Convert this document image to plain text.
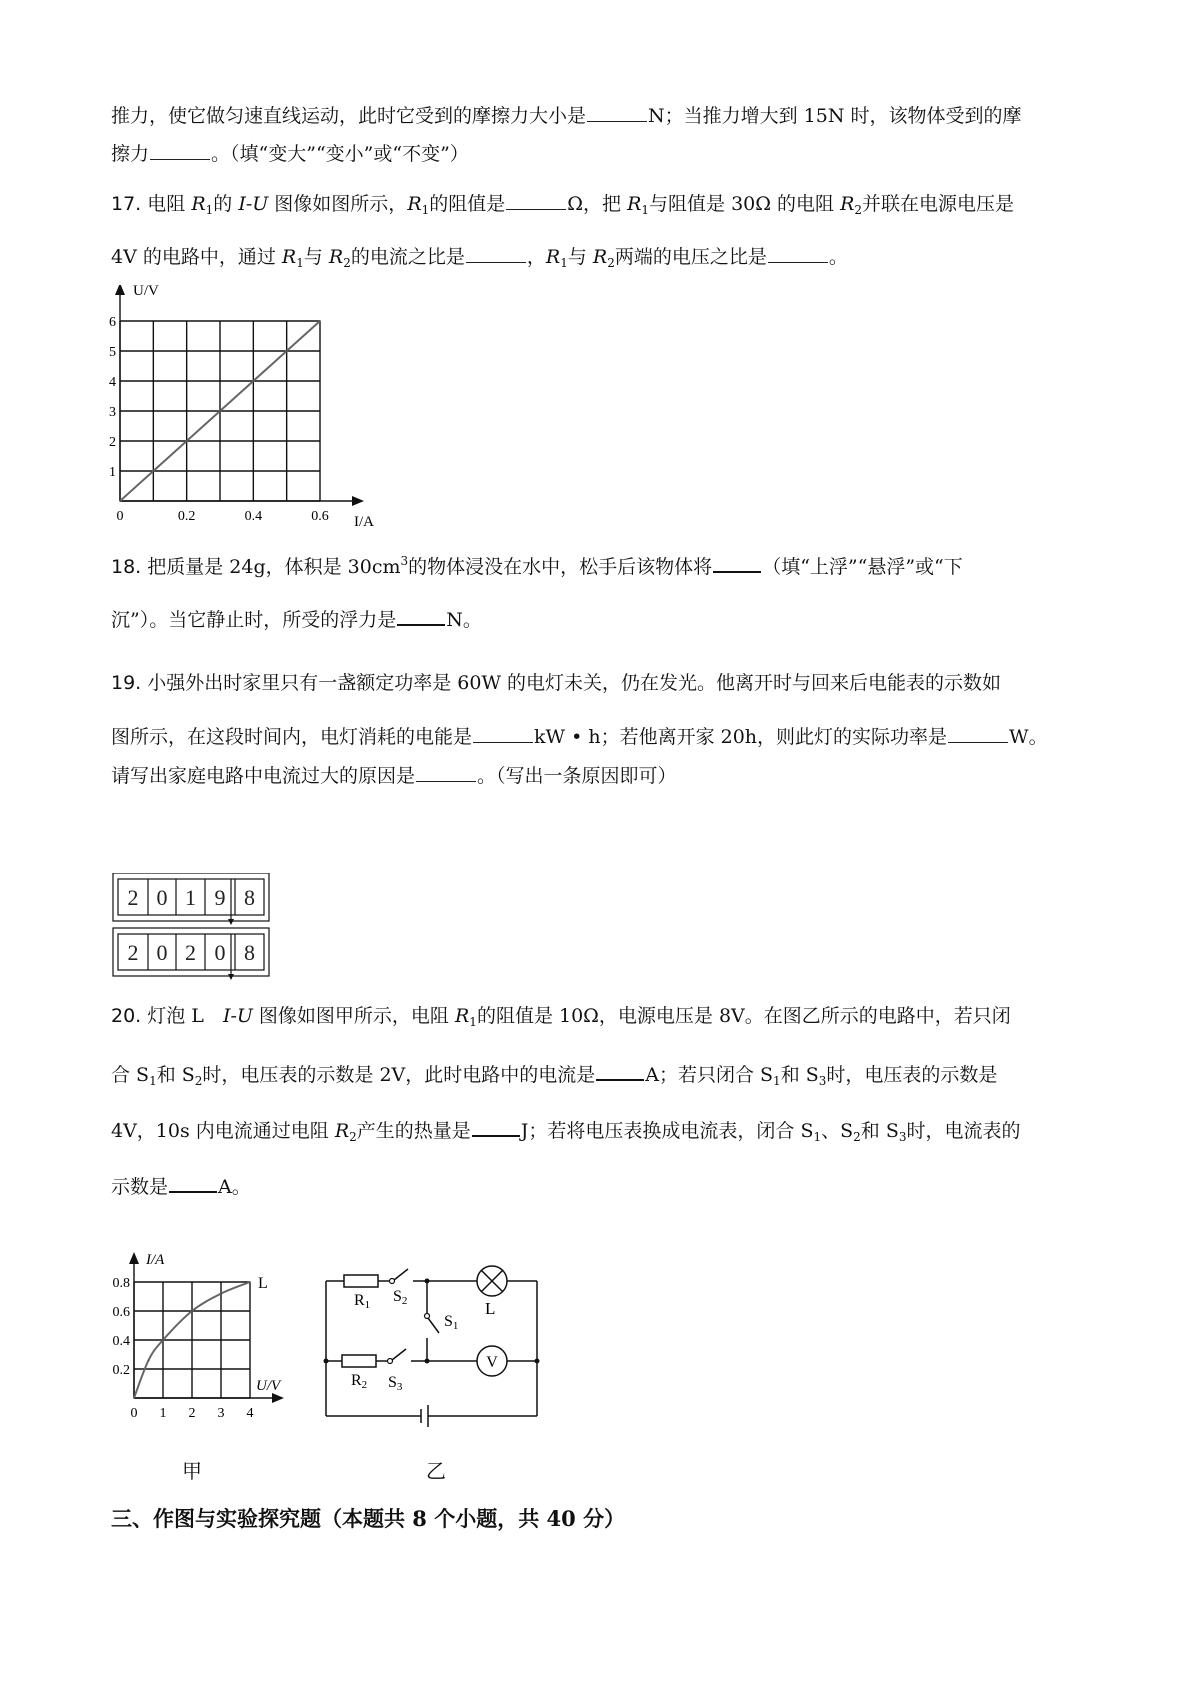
推力，使它做匀速直线运动，此时它受到的摩擦力大小是	N；当推力增大到 15N 时，该物体受到的摩
擦力	。（填“变大”“变小”或“不变”）
17. 电阻 $R_1$的 I-U 图像如图所示，$R_1$的阻值是	Ω，把 $R_1$与阻值是 30Ω 的电阻 $R_2$并联在电源电压是
4V 的电路中，通过 $R_1$与 $R_2$的电流之比是	，$R_1$与 $R_2$两端的电压之比是	。
U/V
I/A
1
2
3
4
5
6
0	0.2	0.4	0.6
18. 把质量是 24g，体积是 $30cm^3$的物体浸没在水中，松手后该物体将	（填“上浮”“悬浮”或“下
沉”）。当它静止时，所受的浮力是	N。
19. 小强外出时家里只有一盏额定功率是 60W 的电灯未关，仍在发光。他离开时与回来后电能表的示数如
图所示，在这段时间内，电灯消耗的电能是	kW • h；若他离开家 20h，则此灯的实际功率是	W。
请写出家庭电路中电流过大的原因是	。（写出一条原因即可）
2 0 1 9 8
2 0 2 0 8
20. 灯泡 L　I-U 图像如图甲所示，电阻 $R_1$的阻值是 10Ω，电源电压是 8V。在图乙所示的电路中，若只闭
合 $S_1$和 $S_2$时，电压表的示数是 2V，此时电路中的电流是	A；若只闭合 $S_1$和 $S_3$时，电压表的示数是
4V，10s 内电流通过电阻 $R_2$产生的热量是	J；若将电压表换成电流表，闭合 $S_1$、$S_2$和 $S_3$时，电流表的
示数是	A。
I/A
U/V
0.2
0.4
0.6
0.8
0 1 2 3 4
L
V
R1 S2
S1
L
R2 S3
甲	乙
三、作图与实验探究题（本题共 8 个小题，共 40 分）
